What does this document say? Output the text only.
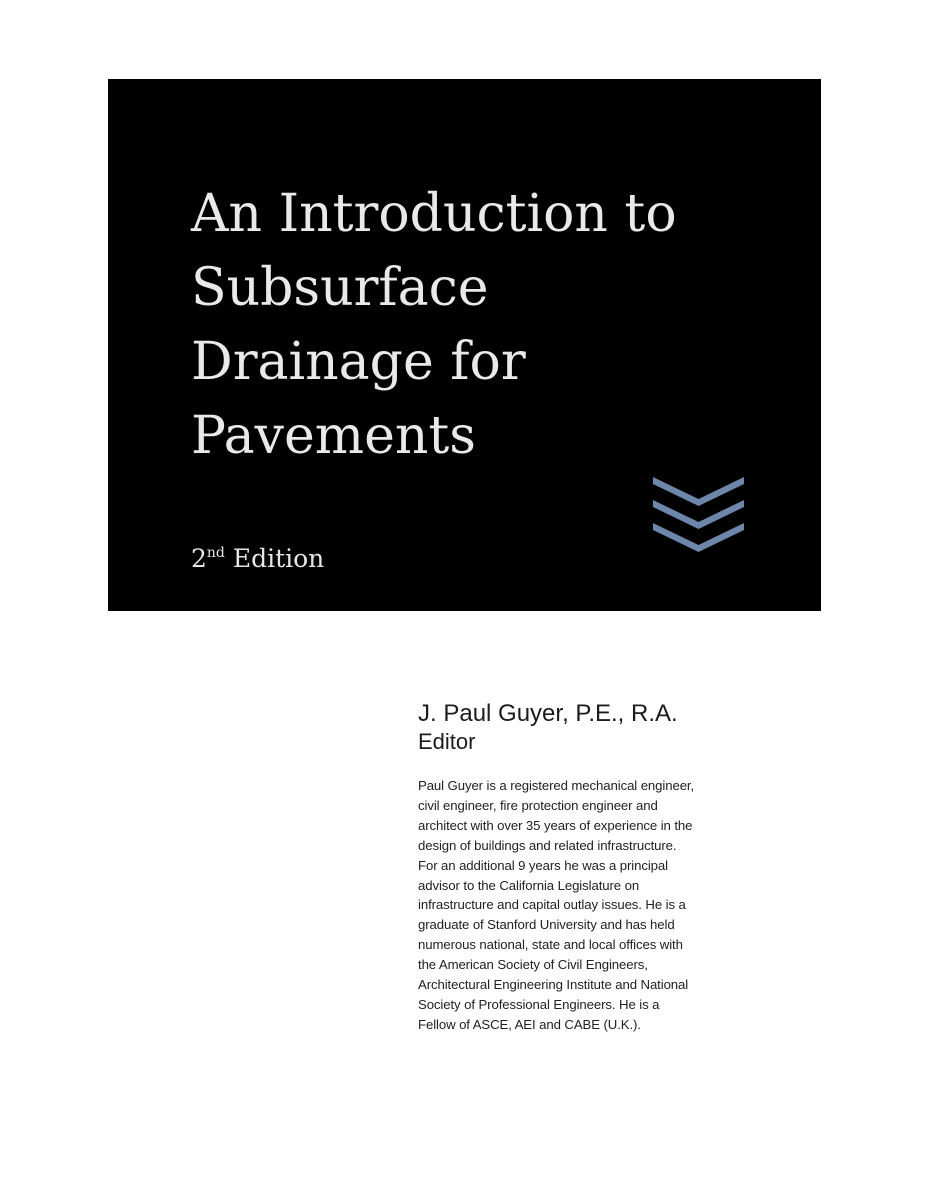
An Introduction to
Subsurface
Drainage for
Pavements
2nd Edition
J. Paul Guyer, P.E., R.A.
Editor

Paul Guyer is a registered mechanical engineer,
civil engineer, fire protection engineer and
architect with over 35 years of experience in the
design of buildings and related infrastructure.
For an additional 9 years he was a principal
advisor to the California Legislature on
infrastructure and capital outlay issues. He is a
graduate of Stanford University and has held
numerous national, state and local offices with
the American Society of Civil Engineers,
Architectural Engineering Institute and National
Society of Professional Engineers. He is a
Fellow of ASCE, AEI and CABE (U.K.).
